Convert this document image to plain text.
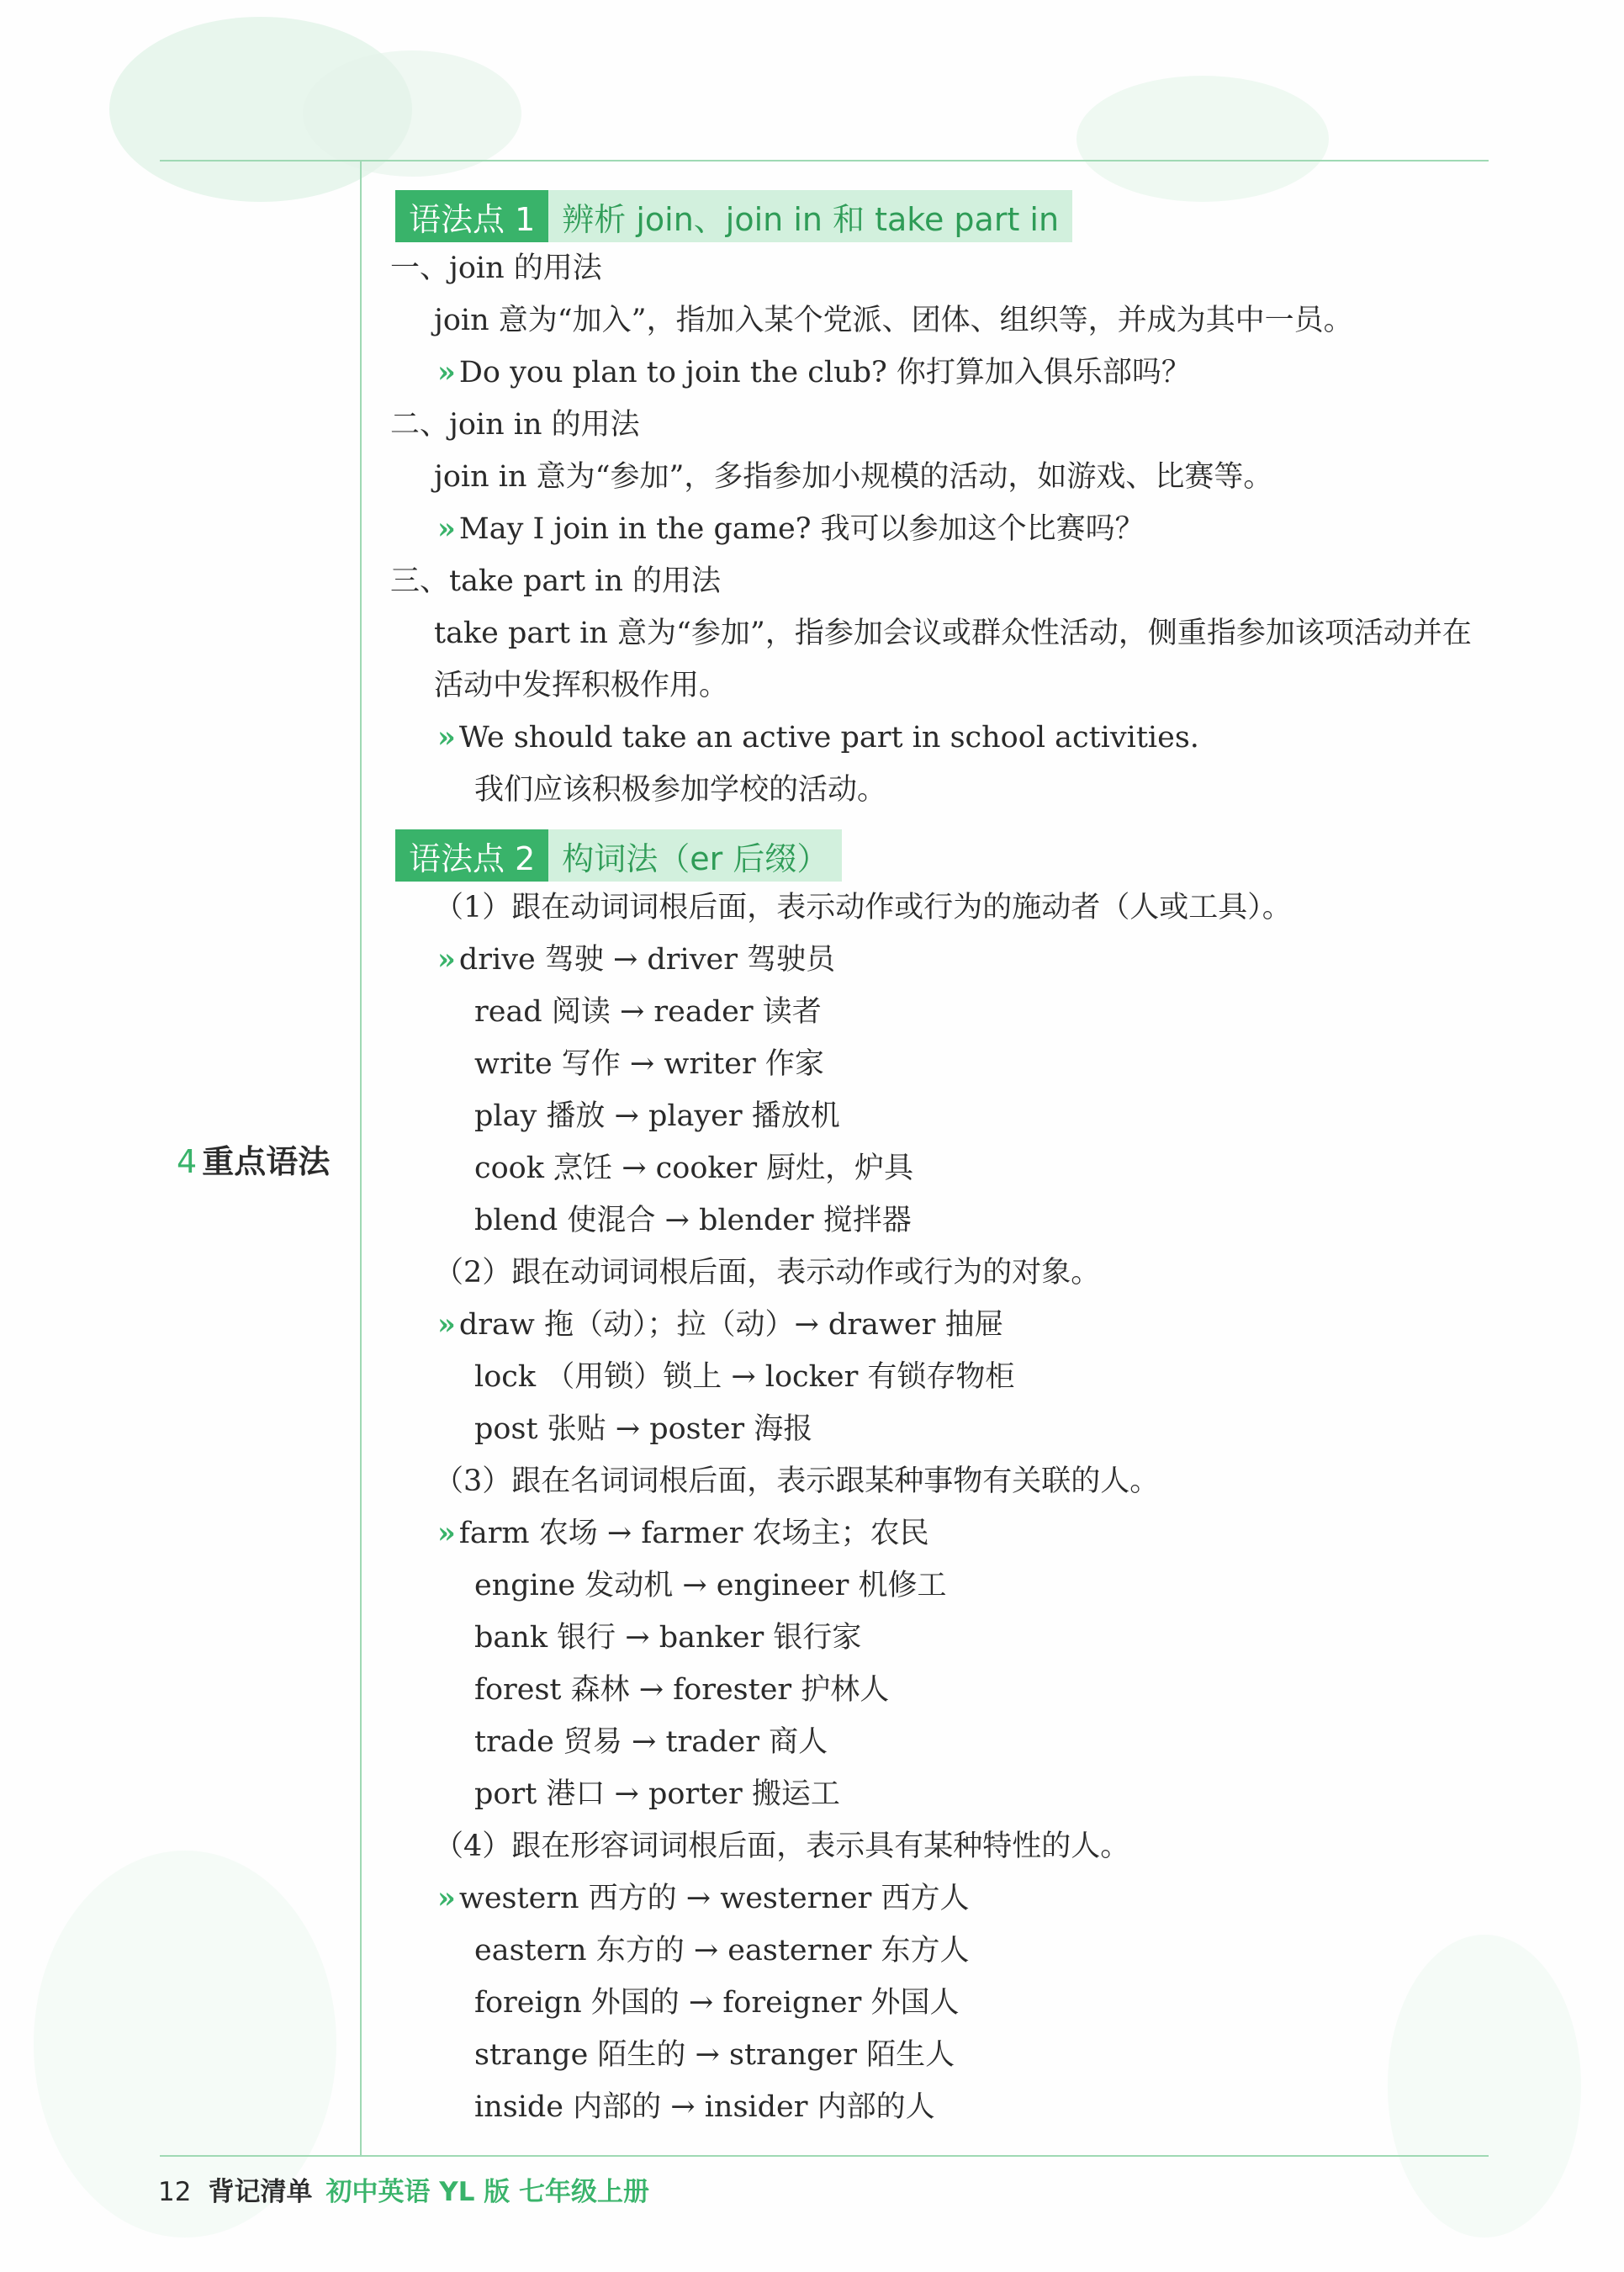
4 重点语法
语法点 1 辨析 join、join in 和 take part in
一、join 的用法
join 意为“加入”，指加入某个党派、团体、组织等，并成为其中一员。
» Do you plan to join the club? 你打算加入俱乐部吗？
二、join in 的用法
join in 意为“参加”，多指参加小规模的活动，如游戏、比赛等。
» May I join in the game? 我可以参加这个比赛吗？
三、take part in 的用法
take part in 意为“参加”，指参加会议或群众性活动，侧重指参加该项活动并在
活动中发挥积极作用。
» We should take an active part in school activities.
我们应该积极参加学校的活动。
语法点 2 构词法（er 后缀）
（1）跟在动词词根后面，表示动作或行为的施动者（人或工具）。
» drive 驾驶 → driver 驾驶员
read 阅读 → reader 读者
write 写作 → writer 作家
play 播放 → player 播放机
cook 烹饪 → cooker 厨灶，炉具
blend 使混合 → blender 搅拌器
（2）跟在动词词根后面，表示动作或行为的对象。
» draw 拖（动）；拉（动）→ drawer 抽屉
lock （用锁）锁上 → locker 有锁存物柜
post 张贴 → poster 海报
（3）跟在名词词根后面，表示跟某种事物有关联的人。
» farm 农场 → farmer 农场主；农民
engine 发动机 → engineer 机修工
bank 银行 → banker 银行家
forest 森林 → forester 护林人
trade 贸易 → trader 商人
port 港口 → porter 搬运工
（4）跟在形容词词根后面，表示具有某种特性的人。
» western 西方的 → westerner 西方人
eastern 东方的 → easterner 东方人
foreign 外国的 → foreigner 外国人
strange 陌生的 → stranger 陌生人
inside 内部的 → insider 内部的人
12 背记清单 初中英语 YL 版 七年级上册
